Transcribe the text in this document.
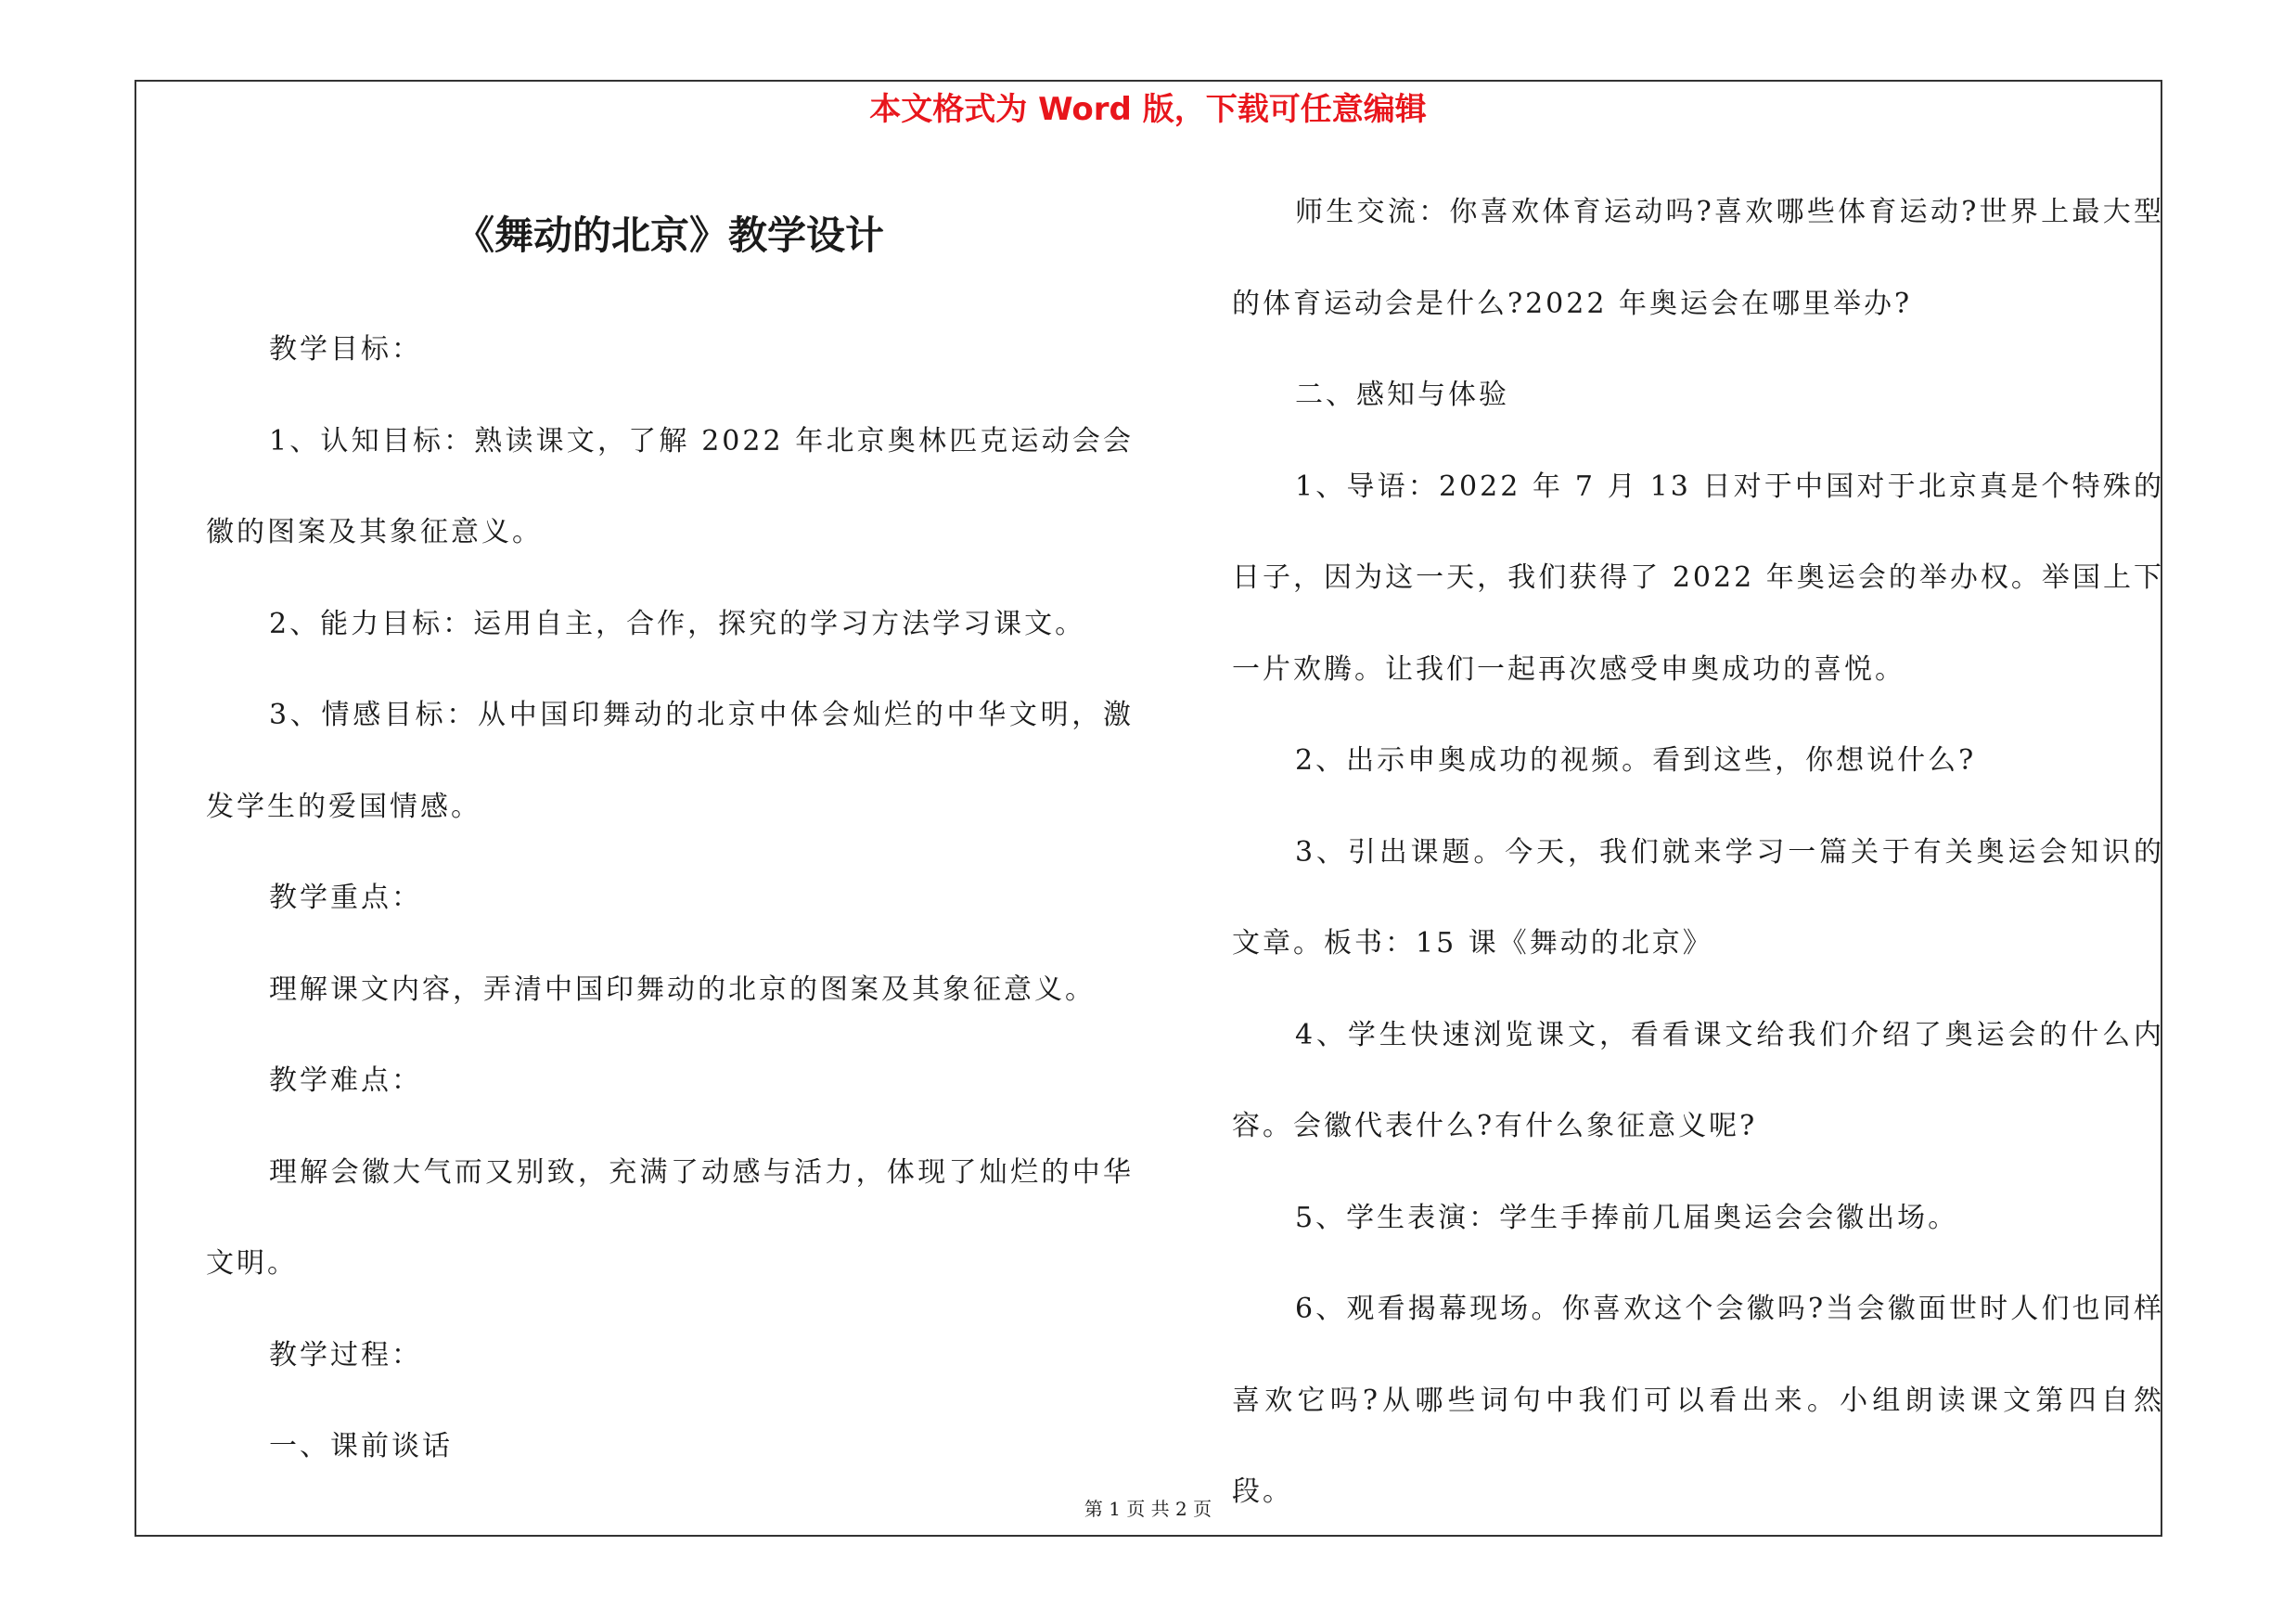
本文格式为 Word 版，下载可任意编辑
《舞动的北京》教学设计

教学目标：

1、认知目标：熟读课文，了解 2022 年北京奥林匹克运动会会徽的图案及其象征意义。

2、能力目标：运用自主，合作，探究的学习方法学习课文。

3、情感目标：从中国印舞动的北京中体会灿烂的中华文明，激发学生的爱国情感。

教学重点：

理解课文内容，弄清中国印舞动的北京的图案及其象征意义。

教学难点：

理解会徽大气而又别致，充满了动感与活力，体现了灿烂的中华文明。

教学过程：

一、课前谈话

师生交流：你喜欢体育运动吗?喜欢哪些体育运动?世界上最大型的体育运动会是什么?2022 年奥运会在哪里举办?

二、感知与体验

1、导语：2022 年 7 月 13 日对于中国对于北京真是个特殊的日子，因为这一天，我们获得了 2022 年奥运会的举办权。举国上下一片欢腾。让我们一起再次感受申奥成功的喜悦。

2、出示申奥成功的视频。看到这些，你想说什么?

3、引出课题。今天，我们就来学习一篇关于有关奥运会知识的文章。板书：15 课《舞动的北京》

4、学生快速浏览课文，看看课文给我们介绍了奥运会的什么内容。会徽代表什么?有什么象征意义呢?

5、学生表演：学生手捧前几届奥运会会徽出场。

6、观看揭幕现场。你喜欢这个会徽吗?当会徽面世时人们也同样喜欢它吗?从哪些词句中我们可以看出来。小组朗读课文第四自然段。

第 1 页 共 2 页
